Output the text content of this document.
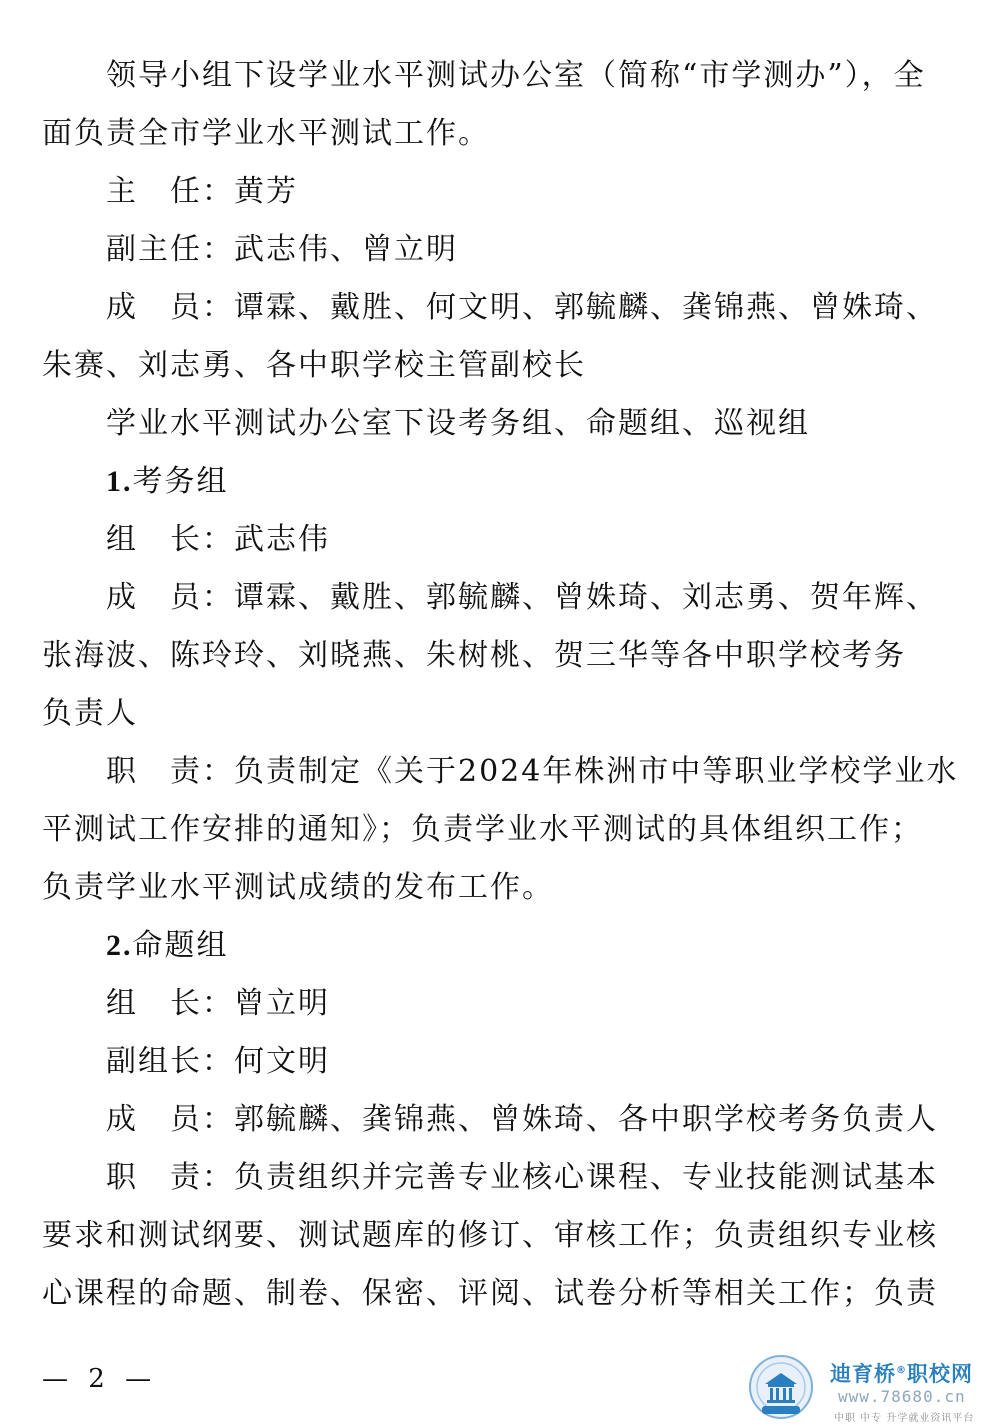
领导小组下设学业水平测试办公室（简称“市学测办”），全
面负责全市学业水平测试工作。
主　任：黄芳
副主任：武志伟、曾立明
成　员：谭霖、戴胜、何文明、郭毓麟、龚锦燕、曾姝琦、
朱赛、刘志勇、各中职学校主管副校长
学业水平测试办公室下设考务组、命题组、巡视组
1.考务组
组　长：武志伟
成　员：谭霖、戴胜、郭毓麟、曾姝琦、刘志勇、贺年辉、
张海波、陈玲玲、刘晓燕、朱树桃、贺三华等各中职学校考务
负责人
职　责：负责制定《关于2024年株洲市中等职业学校学业水
平测试工作安排的通知》；负责学业水平测试的具体组织工作；
负责学业水平测试成绩的发布工作。
2.命题组
组　长：曾立明
副组长：何文明
成　员：郭毓麟、龚锦燕、曾姝琦、各中职学校考务负责人
职　责：负责组织并完善专业核心课程、专业技能测试基本
要求和测试纲要、测试题库的修订、审核工作；负责组织专业核
心课程的命题、制卷、保密、评阅、试卷分析等相关工作；负责
— 2 —	迪育桥®职校网
www.78680.cn
中职 中专 升学就业资讯平台
